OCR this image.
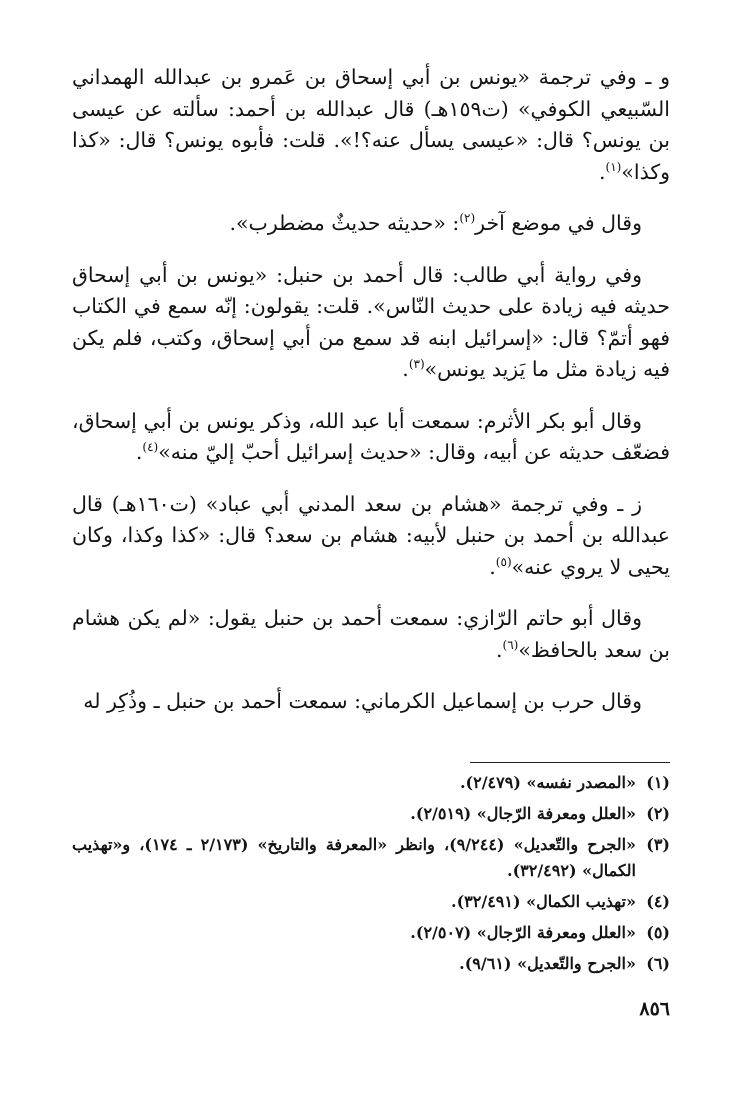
و ـ وفي ترجمة «يونس بن أبي إسحاق بن عَمرو بن عبدالله الهمداني السّبيعي الكوفي» (ت١٥٩هـ) قال عبدالله بن أحمد: سألته عن عيسى بن يونس؟ قال: «عيسى يسأل عنه؟!». قلت: فأبوه يونس؟ قال: «كذا وكذا»$^{(١)}$.

وقال في موضع آخر$^{(٢)}$: «حديثه حديثٌ مضطرب».

وفي رواية أبي طالب: قال أحمد بن حنبل: «يونس بن أبي إسحاق حديثه فيه زيادة على حديث النّاس». قلت: يقولون: إنّه سمع في الكتاب فهو أتمّ؟ قال: «إسرائيل ابنه قد سمع من أبي إسحاق، وكتب، فلم يكن فيه زيادة مثل ما يَزيد يونس»$^{(٣)}$.

وقال أبو بكر الأثرم: سمعت أبا عبد الله، وذكر يونس بن أبي إسحاق، فضعّف حديثه عن أبيه، وقال: «حديث إسرائيل أحبّ إليّ منه»$^{(٤)}$.

ز ـ وفي ترجمة «هشام بن سعد المدني أبي عباد» (ت١٦٠هـ) قال عبدالله بن أحمد بن حنبل لأبيه: هشام بن سعد؟ قال: «كذا وكذا، وكان يحيى لا يروي عنه»$^{(٥)}$.

وقال أبو حاتم الرّازي: سمعت أحمد بن حنبل يقول: «لم يكن هشام بن سعد بالحافظ»$^{(٦)}$.

وقال حرب بن إسماعيل الكرماني: سمعت أحمد بن حنبل ـ وذُكِر له

(١)
«المصدر نفسه» (٢/٤٧٩).
(٢)
«العلل ومعرفة الرّجال» (٢/٥١٩).
(٣)
«الجرح والتّعديل» (٩/٢٤٤)، وانظر «المعرفة والتاريخ» (٢/١٧٣ ـ ١٧٤)، و«تهذيب الكمال» (٣٢/٤٩٢).
(٤)
«تهذيب الكمال» (٣٢/٤٩١).
(٥)
«العلل ومعرفة الرّجال» (٢/٥٠٧).
(٦)
«الجرح والتّعديل» (٩/٦١).
٨٥٦
